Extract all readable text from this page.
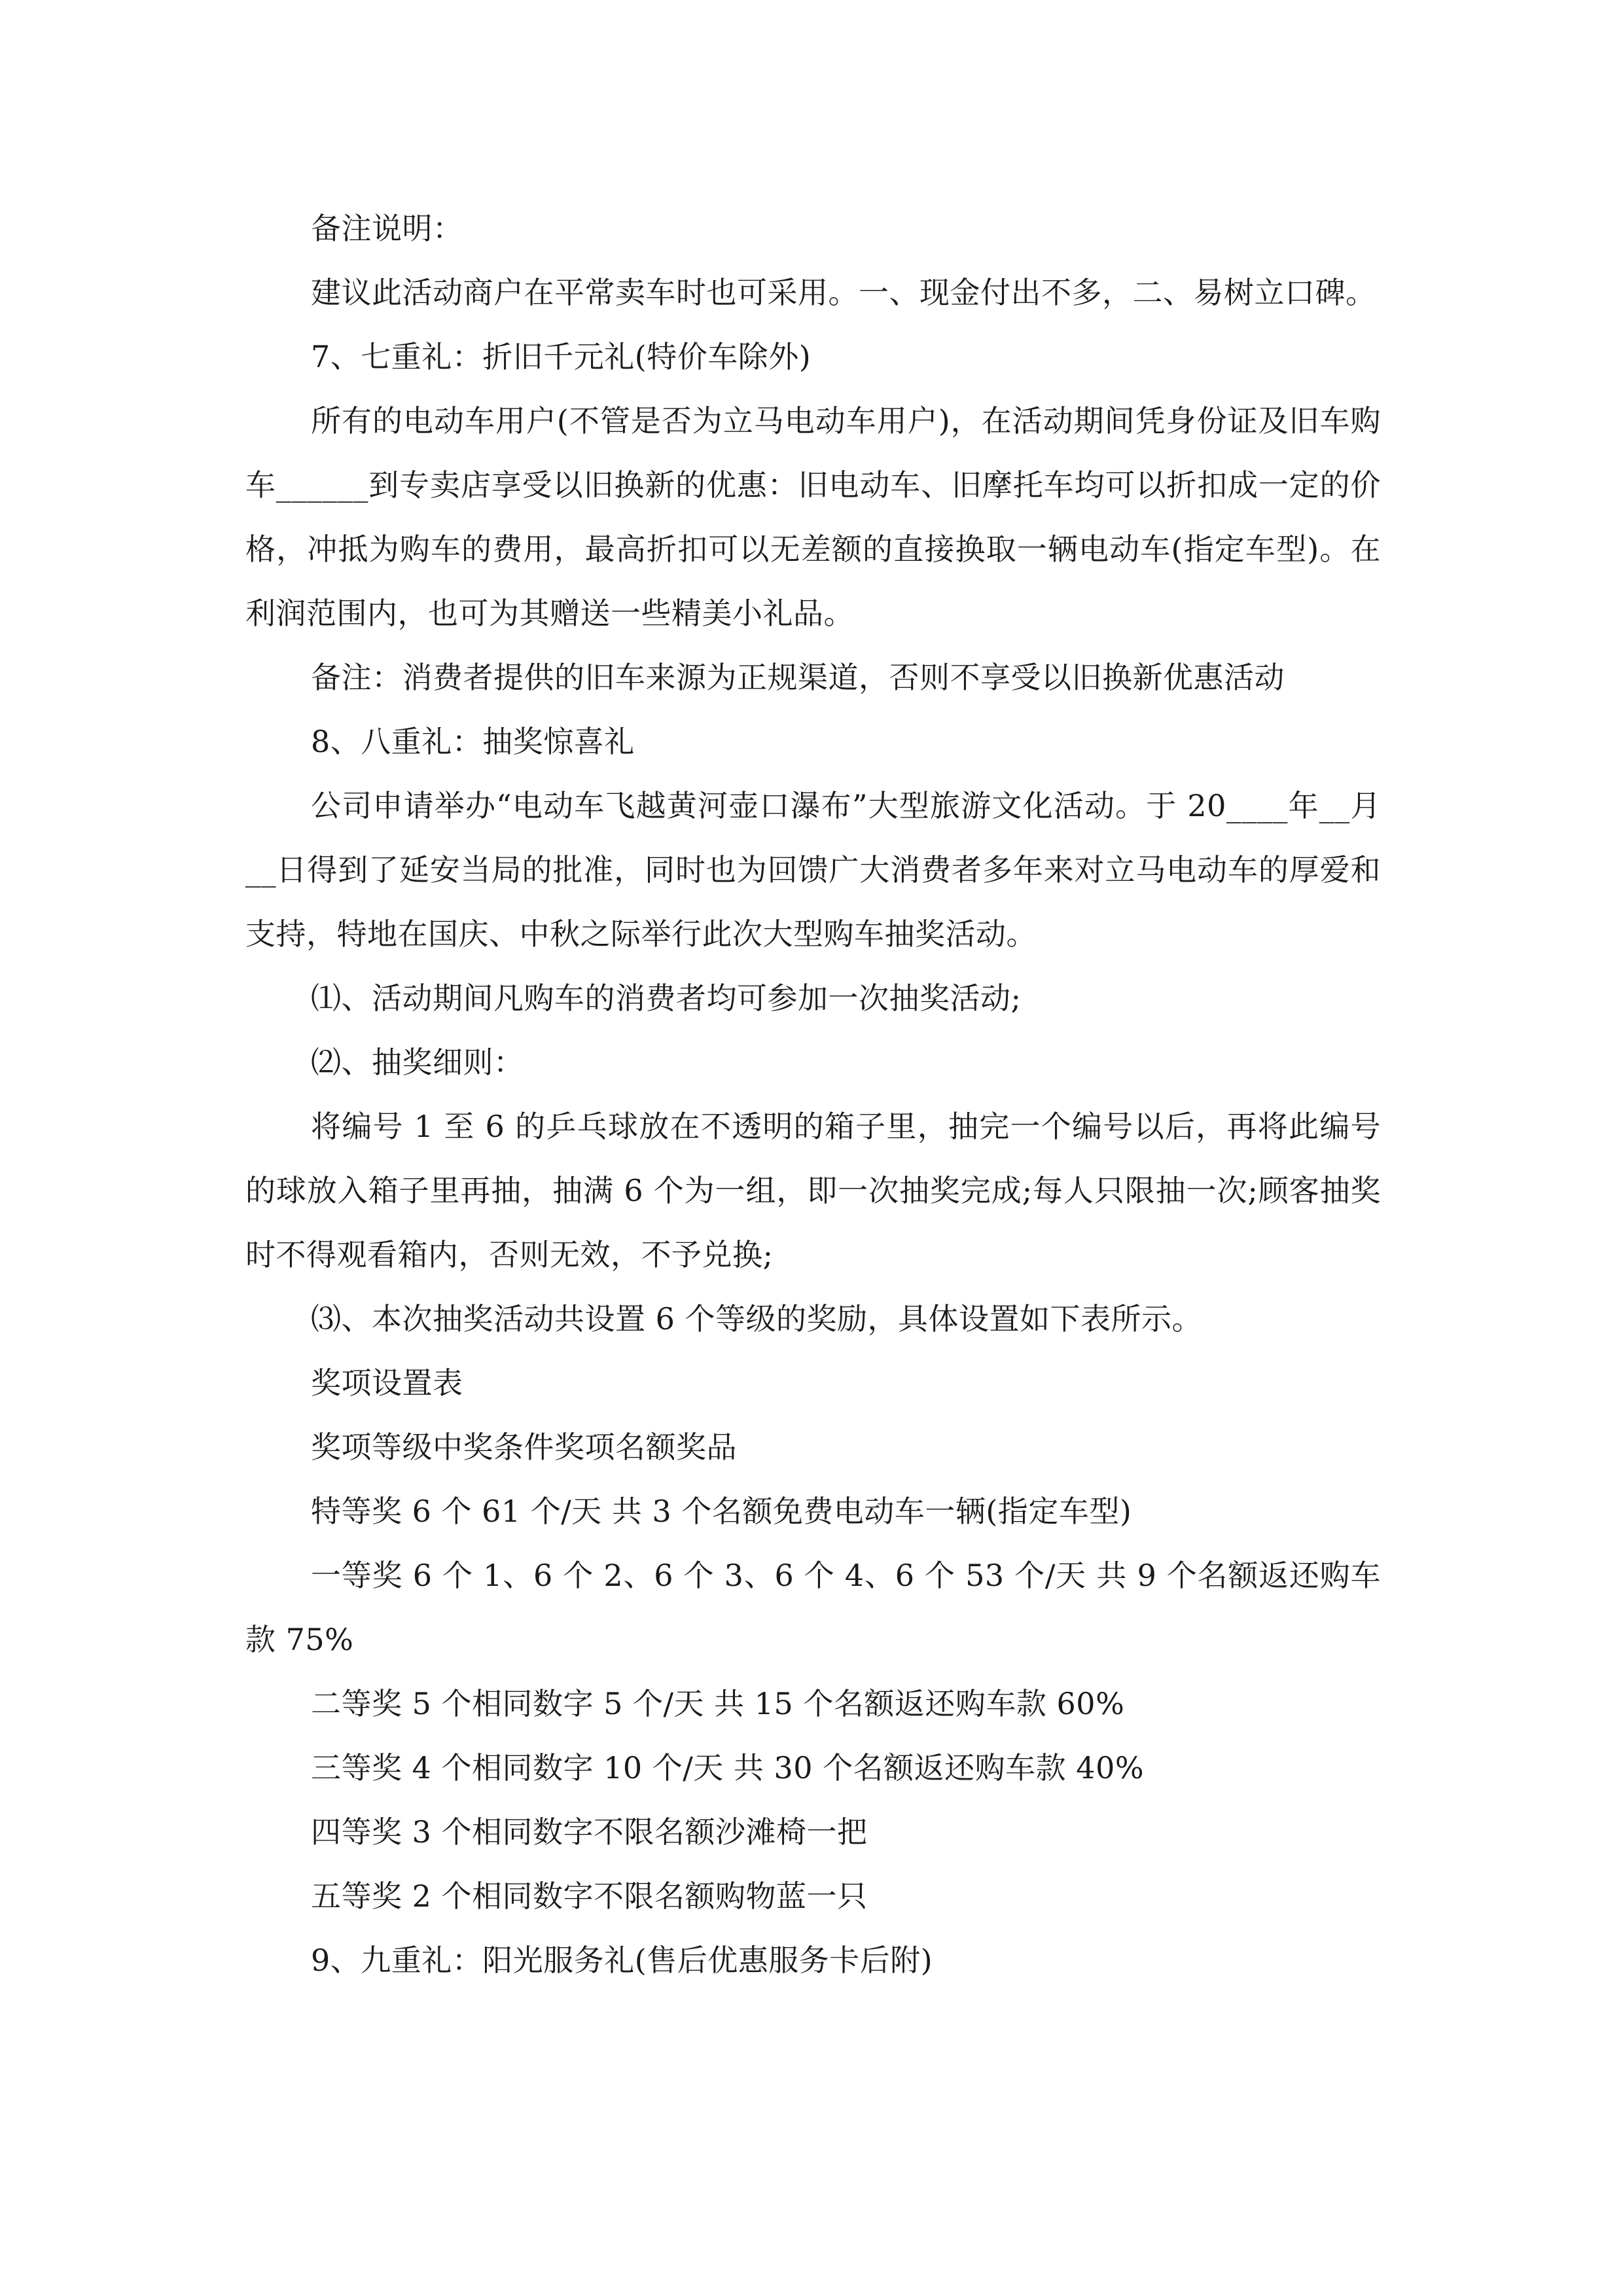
备注说明：

建议此活动商户在平常卖车时也可采用。一、现金付出不多，二、易树立口碑。

7、七重礼：折旧千元礼(特价车除外)

所有的电动车用户(不管是否为立马电动车用户)，在活动期间凭身份证及旧车购车______到专卖店享受以旧换新的优惠：旧电动车、旧摩托车均可以折扣成一定的价格，冲抵为购车的费用，最高折扣可以无差额的直接换取一辆电动车(指定车型)。在利润范围内，也可为其赠送一些精美小礼品。

备注：消费者提供的旧车来源为正规渠道，否则不享受以旧换新优惠活动

8、八重礼：抽奖惊喜礼

公司申请举办“电动车飞越黄河壶口瀑布”大型旅游文化活动。于 20____年__月__日得到了延安当局的批准，同时也为回馈广大消费者多年来对立马电动车的厚爱和支持，特地在国庆、中秋之际举行此次大型购车抽奖活动。

⑴、活动期间凡购车的消费者均可参加一次抽奖活动;

⑵、抽奖细则：

将编号 1 至 6 的乒乓球放在不透明的箱子里，抽完一个编号以后，再将此编号的球放入箱子里再抽，抽满 6 个为一组，即一次抽奖完成;每人只限抽一次;顾客抽奖时不得观看箱内，否则无效，不予兑换;

⑶、本次抽奖活动共设置 6 个等级的奖励，具体设置如下表所示。

奖项设置表

奖项等级中奖条件奖项名额奖品

特等奖 6 个 61 个/天 共 3 个名额免费电动车一辆(指定车型)

一等奖 6 个 1、6 个 2、6 个 3、6 个 4、6 个 53 个/天 共 9 个名额返还购车款 75%

二等奖 5 个相同数字 5 个/天 共 15 个名额返还购车款 60%

三等奖 4 个相同数字 10 个/天 共 30 个名额返还购车款 40%

四等奖 3 个相同数字不限名额沙滩椅一把

五等奖 2 个相同数字不限名额购物蓝一只

9、九重礼：阳光服务礼(售后优惠服务卡后附)
